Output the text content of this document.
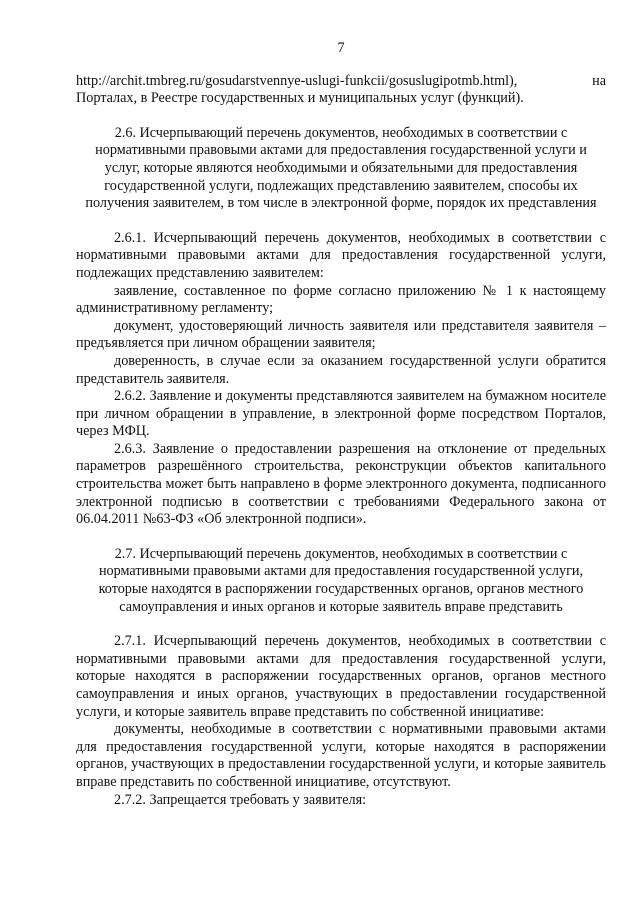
7
http://archit.tmbreg.ru/gosudarstvennye-uslugi-funkcii/gosuslugipotmb.html),	на

Порталах, в Реестре государственных и муниципальных услуг (функций).

2.6. Исчерпывающий перечень документов, необходимых в соответствии с нормативными правовыми актами для предоставления государственной услуги и услуг, которые являются необходимыми и обязательными для предоставления государственной услуги, подлежащих представлению заявителем, способы их получения заявителем, в том числе в электронной форме, порядок их представления

2.6.1. Исчерпывающий перечень документов, необходимых в соответствии с нормативными правовыми актами для предоставления государственной услуги, подлежащих представлению заявителем:

заявление, составленное по форме согласно приложению № 1 к настоящему административному регламенту;

документ, удостоверяющий личность заявителя или представителя заявителя – предъявляется при личном обращении заявителя;

доверенность, в случае если за оказанием государственной услуги обратится представитель заявителя.

2.6.2. Заявление и документы представляются заявителем на бумажном носителе при личном обращении в управление, в электронной форме посредством Порталов, через МФЦ.

2.6.3. Заявление о предоставлении разрешения на отклонение от предельных параметров разрешённого строительства, реконструкции объектов капитального строительства может быть направлено в форме электронного документа, подписанного электронной подписью в соответствии с требованиями Федерального закона от 06.04.2011 №63-ФЗ «Об электронной подписи».

2.7. Исчерпывающий перечень документов, необходимых в соответствии с нормативными правовыми актами для предоставления государственной услуги, которые находятся в распоряжении государственных органов, органов местного самоуправления и иных органов и которые заявитель вправе представить

2.7.1. Исчерпывающий перечень документов, необходимых в соответствии с нормативными правовыми актами для предоставления государственной услуги, которые находятся в распоряжении государственных органов, органов местного самоуправления и иных органов, участвующих в предоставлении государственной услуги, и которые заявитель вправе представить по собственной инициативе:

документы, необходимые в соответствии с нормативными правовыми актами для предоставления государственной услуги, которые находятся в распоряжении органов, участвующих в предоставлении государственной услуги, и которые заявитель вправе представить по собственной инициативе, отсутствуют.

2.7.2. Запрещается требовать у заявителя:
